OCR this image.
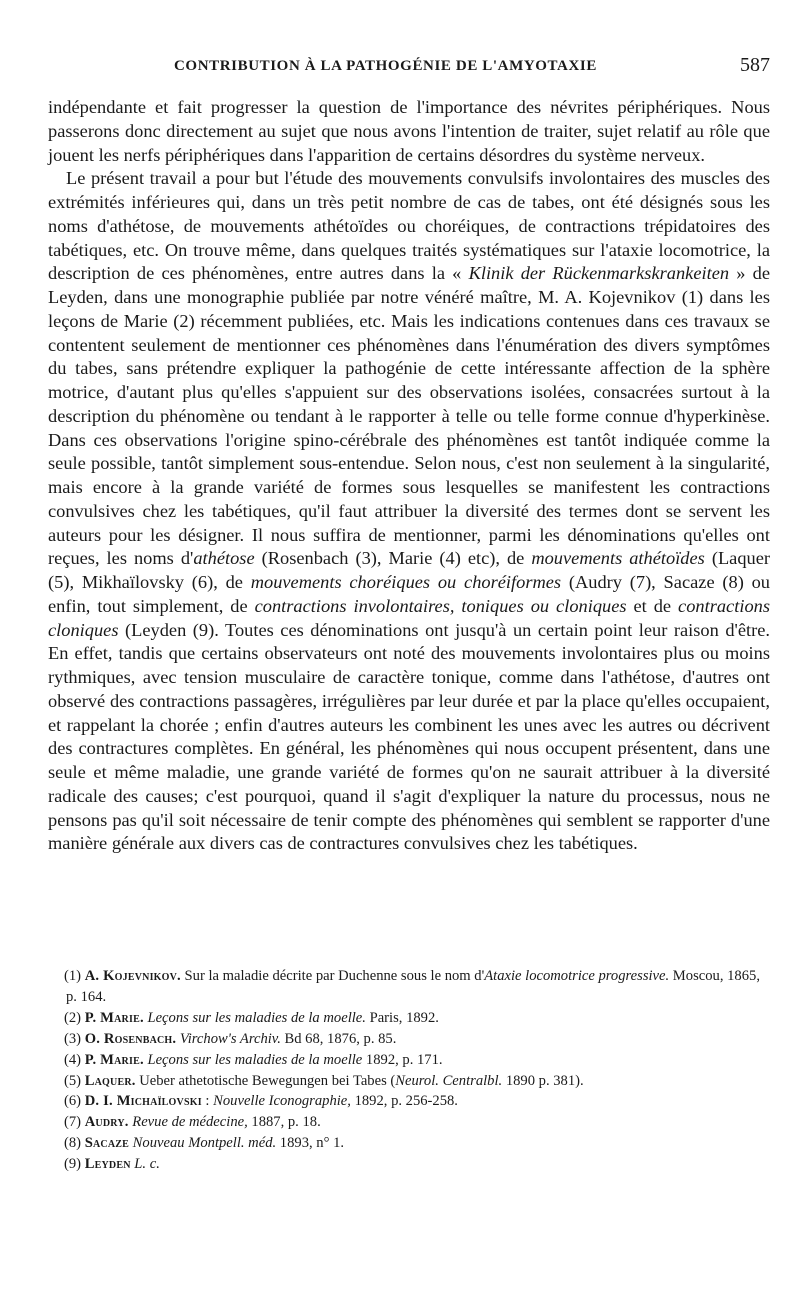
CONTRIBUTION À LA PATHOGÉNIE DE L'AMYOTAXIE	587

indépendante et fait progresser la question de l'importance des névrites périphériques. Nous passerons donc directement au sujet que nous avons l'intention de traiter, sujet relatif au rôle que jouent les nerfs périphériques dans l'apparition de certains désordres du système nerveux.

Le présent travail a pour but l'étude des mouvements convulsifs involontaires des muscles des extrémités inférieures qui, dans un très petit nombre de cas de tabes, ont été désignés sous les noms d'athétose, de mouvements athétoïdes ou choréiques, de contractions trépidatoires des tabétiques, etc. On trouve même, dans quelques traités systématiques sur l'ataxie locomotrice, la description de ces phénomènes, entre autres dans la « Klinik der Rückenmarkskrankeiten » de Leyden, dans une monographie publiée par notre vénéré maître, M. A. Kojevnikov (1) dans les leçons de Marie (2) récemment publiées, etc. Mais les indications contenues dans ces travaux se contentent seulement de mentionner ces phénomènes dans l'énumération des divers symptômes du tabes, sans prétendre expliquer la pathogénie de cette intéressante affection de la sphère motrice, d'autant plus qu'elles s'appuient sur des observations isolées, consacrées surtout à la description du phénomène ou tendant à le rapporter à telle ou telle forme connue d'hyperkinèse. Dans ces observations l'origine spino-cérébrale des phénomènes est tantôt indiquée comme la seule possible, tantôt simplement sous-entendue. Selon nous, c'est non seulement à la singularité, mais encore à la grande variété de formes sous lesquelles se manifestent les contractions convulsives chez les tabétiques, qu'il faut attribuer la diversité des termes dont se servent les auteurs pour les désigner. Il nous suffira de mentionner, parmi les dénominations qu'elles ont reçues, les noms d'athétose (Rosenbach (3), Marie (4) etc), de mouvements athétoïdes (Laquer (5), Mikhaïlovsky (6), de mouvements choréiques ou choréiformes (Audry (7), Sacaze (8) ou enfin, tout simplement, de contractions involontaires, toniques ou cloniques et de contractions cloniques (Leyden (9). Toutes ces dénominations ont jusqu'à un certain point leur raison d'être. En effet, tandis que certains observateurs ont noté des mouvements involontaires plus ou moins rythmiques, avec tension musculaire de caractère tonique, comme dans l'athétose, d'autres ont observé des contractions passagères, irrégulières par leur durée et par la place qu'elles occupaient, et rappelant la chorée ; enfin d'autres auteurs les combinent les unes avec les autres ou décrivent des contractures complètes. En général, les phénomènes qui nous occupent présentent, dans une seule et même maladie, une grande variété de formes qu'on ne saurait attribuer à la diversité radicale des causes; c'est pourquoi, quand il s'agit d'expliquer la nature du processus, nous ne pensons pas qu'il soit nécessaire de tenir compte des phénomènes qui semblent se rapporter d'une manière générale aux divers cas de contractures convulsives chez les tabétiques.

(1) A. Kojevnikov. Sur la maladie décrite par Duchenne sous le nom d'Ataxie locomotrice progressive. Moscou, 1865, p. 164.

(2) P. Marie. Leçons sur les maladies de la moelle. Paris, 1892.

(3) O. Rosenbach. Virchow's Archiv. Bd 68, 1876, p. 85.

(4) P. Marie. Leçons sur les maladies de la moelle 1892, p. 171.

(5) Laquer. Ueber athetotische Bewegungen bei Tabes (Neurol. Centralbl. 1890 p. 381).

(6) D. I. Michaïlovski : Nouvelle Iconographie, 1892, p. 256-258.

(7) Audry. Revue de médecine, 1887, p. 18.

(8) Sacaze Nouveau Montpell. méd. 1893, n° 1.

(9) Leyden L. c.
